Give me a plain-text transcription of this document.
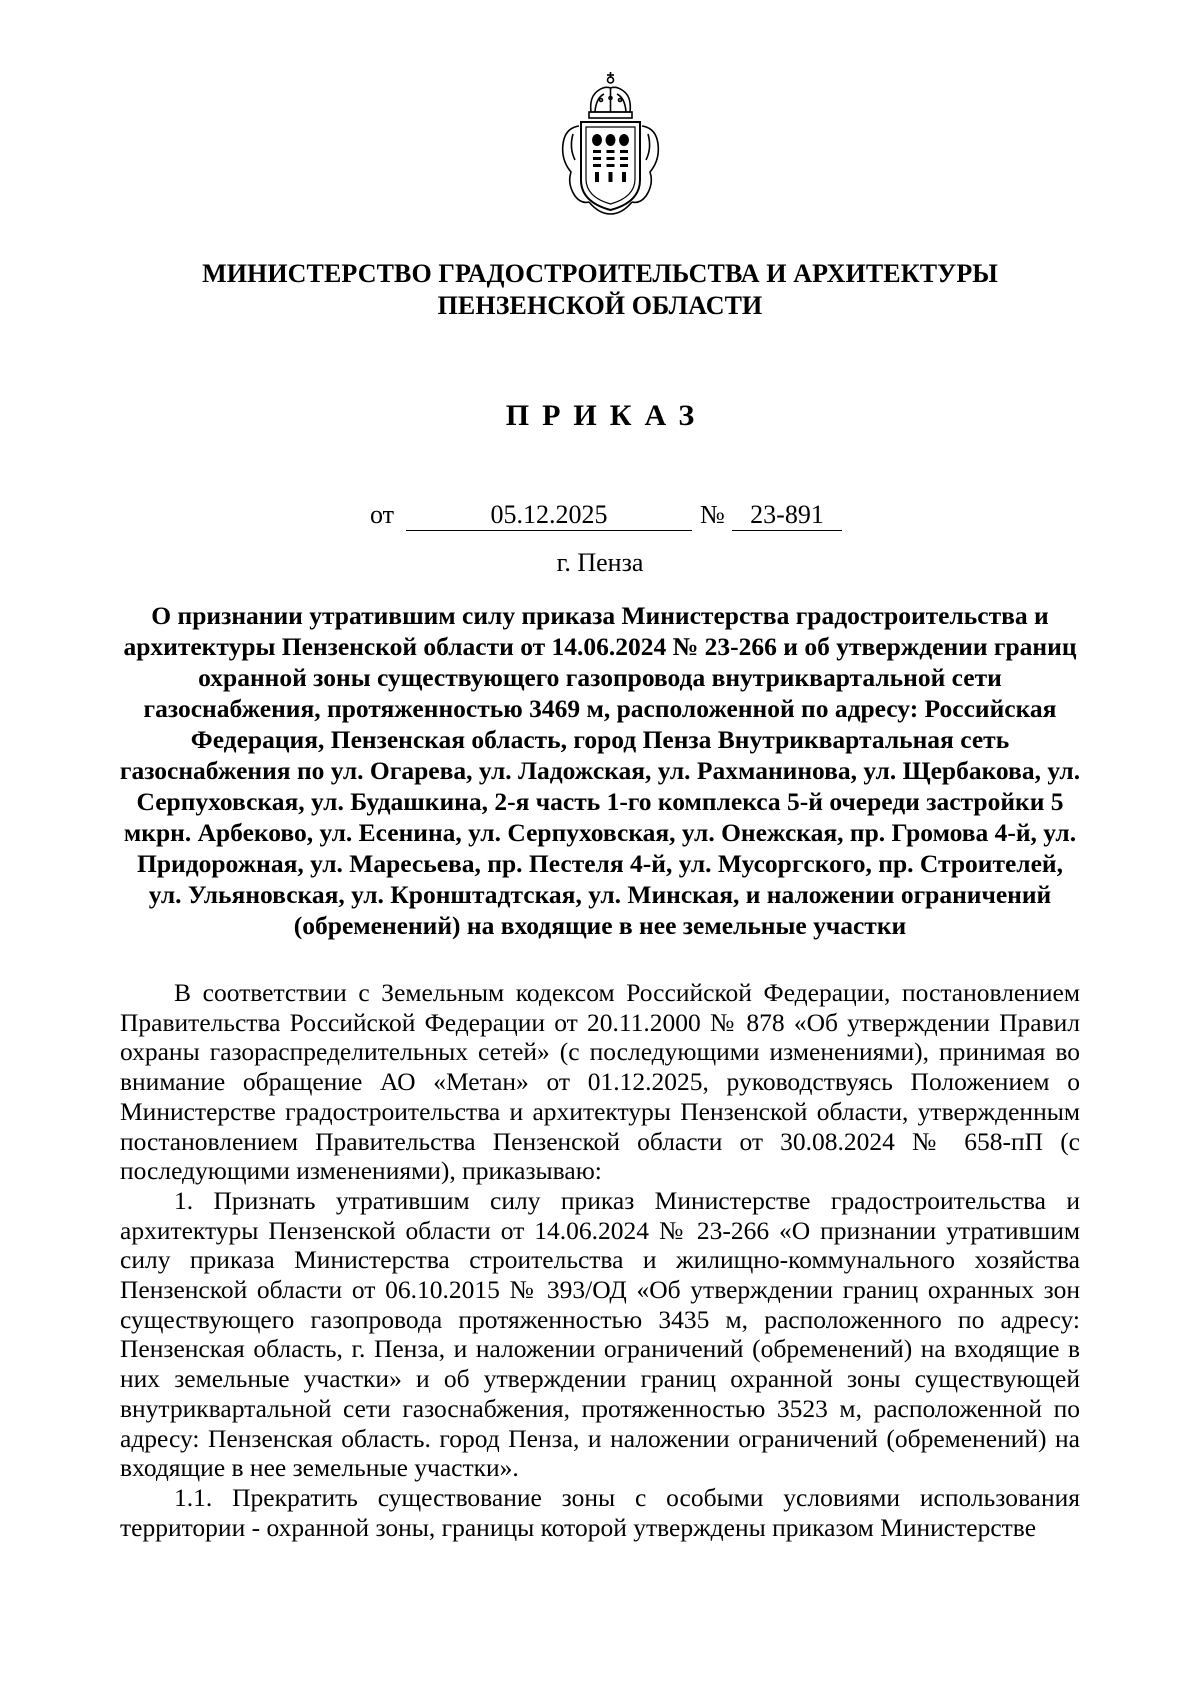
МИНИСТЕРСТВО ГРАДОСТРОИТЕЛЬСТВА И АРХИТЕКТУРЫ
ПЕНЗЕНСКОЙ ОБЛАСТИ
ПРИКАЗ
от	05.12.2025	№ 23-891
г. Пенза
О признании утратившим силу приказа Министерства градостроительства и архитектуры Пензенской области от 14.06.2024 № 23-266 и об утверждении границ охранной зоны существующего газопровода внутриквартальной сети газоснабжения, протяженностью 3469 м, расположенной по адресу: Российская Федерация, Пензенская область, город Пенза Внутриквартальная сеть газоснабжения по ул. Огарева, ул. Ладожская, ул. Рахманинова, ул. Щербакова, ул. Серпуховская, ул. Будашкина, 2-я часть 1-го комплекса 5-й очереди застройки 5 мкрн. Арбеково, ул. Есенина, ул. Серпуховская, ул. Онежская, пр. Громова 4-й, ул. Придорожная, ул. Маресьева, пр. Пестеля 4-й, ул. Мусоргского, пр. Строителей, ул. Ульяновская, ул. Кронштадтская, ул. Минская, и наложении ограничений (обременений) на входящие в нее земельные участки

В соответствии с Земельным кодексом Российской Федерации, постановлением Правительства Российской Федерации от 20.11.2000 № 878 «Об утверждении Правил охраны газораспределительных сетей» (с последующими изменениями), принимая во внимание обращение АО «Метан» от 01.12.2025, руководствуясь Положением о Министерстве градостроительства и архитектуры Пензенской области, утвержденным постановлением Правительства Пензенской области от 30.08.2024 № 658-пП (с последующими изменениями), приказываю:

1. Признать утратившим силу приказ Министерстве градостроительства и архитектуры Пензенской области от 14.06.2024 № 23-266 «О признании утратившим силу приказа Министерства строительства и жилищно-коммунального хозяйства Пензенской области от 06.10.2015 № 393/ОД «Об утверждении границ охранных зон существующего газопровода протяженностью 3435 м, расположенного по адресу: Пензенская область, г. Пенза, и наложении ограничений (обременений) на входящие в них земельные участки» и об утверждении границ охранной зоны существующей внутриквартальной сети газоснабжения, протяженностью 3523 м, расположенной по адресу: Пензенская область. город Пенза, и наложении ограничений (обременений) на входящие в нее земельные участки».

1.1. Прекратить существование зоны с особыми условиями использования территории - охранной зоны, границы которой утверждены приказом Министерстве
